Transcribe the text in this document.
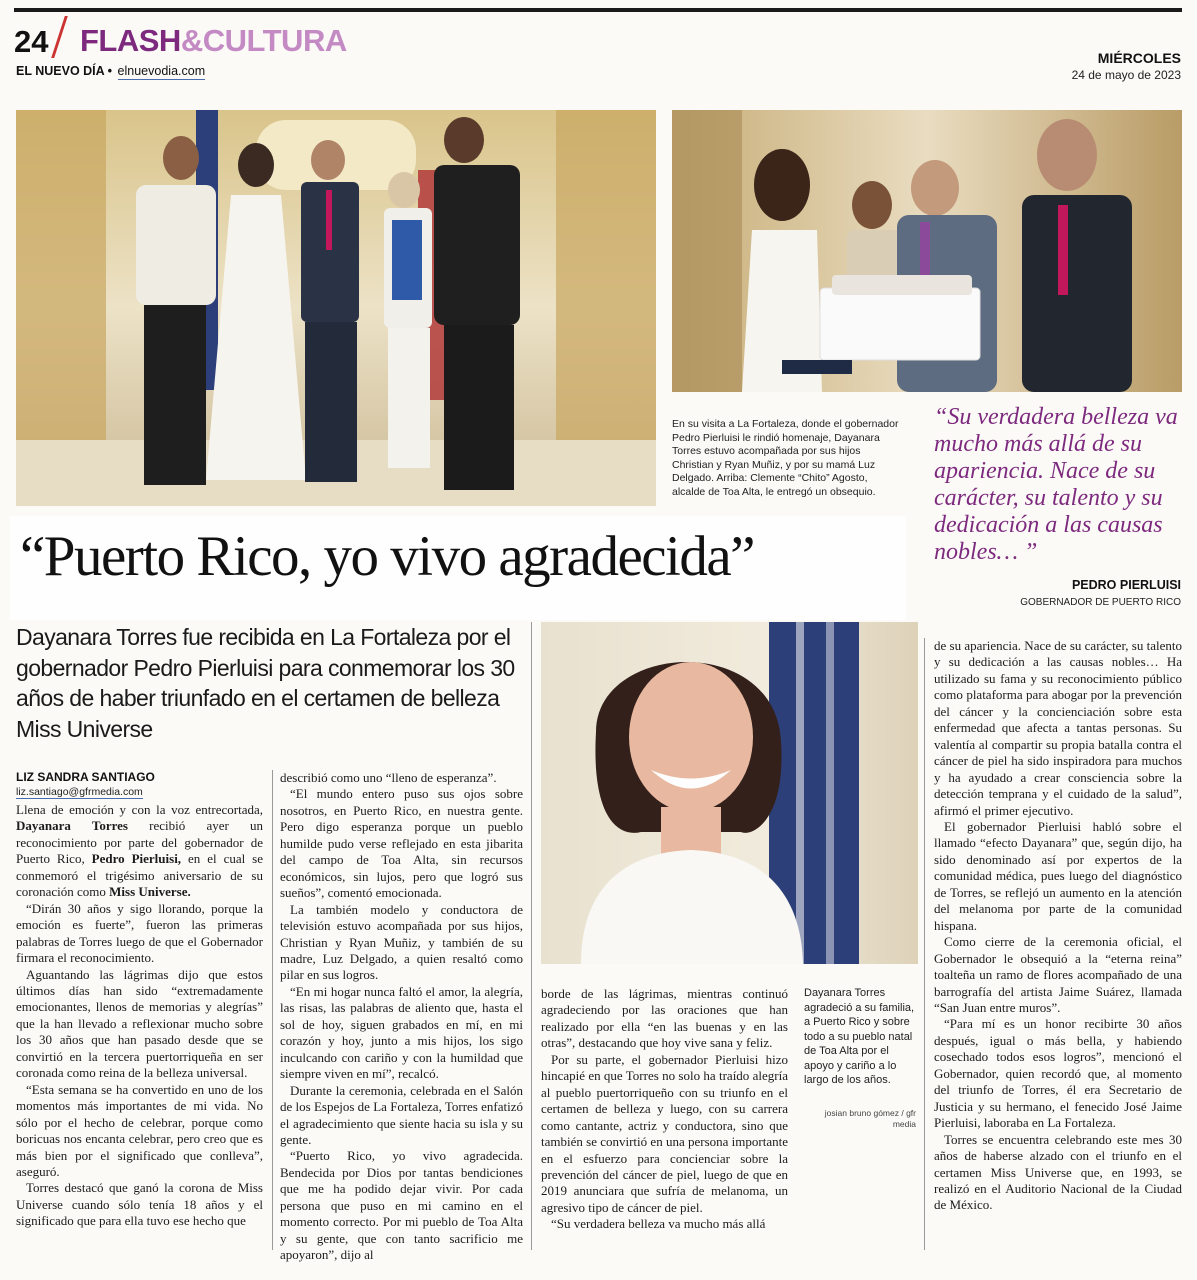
24 FLASH&CULTURA
EL NUEVO DÍA • elnuevodia.com
MIÉRCOLES
24 de mayo de 2023
En su visita a La Fortaleza, donde el gobernador Pedro Pierluisi le rindió homenaje, Dayanara Torres estuvo acompañada por sus hijos Christian y Ryan Muñiz, y por su mamá Luz Delgado. Arriba: Clemente “Chito” Agosto, alcalde de Toa Alta, le entregó un obsequio.
“Su verdadera belleza va mucho más allá de su apariencia. Nace de su carácter, su talento y su dedicación a las causas nobles… ”
PEDRO PIERLUISI
GOBERNADOR DE PUERTO RICO
“Puerto Rico, yo vivo agradecida”
Dayanara Torres fue recibida en La Fortaleza por el gobernador Pedro Pierluisi para conmemorar los 30 años de haber triunfado en el certamen de belleza Miss Universe
Dayanara Torres agradeció a su familia, a Puerto Rico y sobre todo a su pueblo natal de Toa Alta por el apoyo y cariño a lo largo de los años.
josian bruno gómez / gfr media
LIZ SANDRA SANTIAGO
liz.santiago@gfrmedia.com

Llena de emoción y con la voz entrecortada, Dayanara Torres recibió ayer un reconocimiento por parte del gobernador de Puerto Rico, Pedro Pierluisi, en el cual se conmemoró el trigésimo aniversario de su coronación como Miss Universe.

“Dirán 30 años y sigo llorando, porque la emoción es fuerte”, fueron las primeras palabras de Torres luego de que el Gobernador firmara el reconocimiento.

Aguantando las lágrimas dijo que estos últimos días han sido “extremadamente emocionantes, llenos de memorias y alegrías” que la han llevado a reflexionar mucho sobre los 30 años que han pasado desde que se convirtió en la tercera puertorriqueña en ser coronada como reina de la belleza universal.

“Esta semana se ha convertido en uno de los momentos más importantes de mi vida. No sólo por el hecho de celebrar, porque como boricuas nos encanta celebrar, pero creo que es más bien por el significado que conlleva”, aseguró.

Torres destacó que ganó la corona de Miss Universe cuando sólo tenía 18 años y el significado que para ella tuvo ese hecho que

describió como uno “lleno de esperanza”.

“El mundo entero puso sus ojos sobre nosotros, en Puerto Rico, en nuestra gente. Pero digo esperanza porque un pueblo humilde pudo verse reflejado en esta jibarita del campo de Toa Alta, sin recursos económicos, sin lujos, pero que logró sus sueños”, comentó emocionada.

La también modelo y conductora de televisión estuvo acompañada por sus hijos, Christian y Ryan Muñiz, y también de su madre, Luz Delgado, a quien resaltó como pilar en sus logros.

“En mi hogar nunca faltó el amor, la alegría, las risas, las palabras de aliento que, hasta el sol de hoy, siguen grabados en mí, en mi corazón y hoy, junto a mis hijos, los sigo inculcando con cariño y con la humildad que siempre viven en mí”, recalcó.

Durante la ceremonia, celebrada en el Salón de los Espejos de La Fortaleza, Torres enfatizó el agradecimiento que siente hacia su isla y su gente.

“Puerto Rico, yo vivo agradecida. Bendecida por Dios por tantas bendiciones que me ha podido dejar vivir. Por cada persona que puso en mi camino en el momento correcto. Por mi pueblo de Toa Alta y su gente, que con tanto sacrificio me apoyaron”, dijo al

borde de las lágrimas, mientras continuó agradeciendo por las oraciones que han realizado por ella “en las buenas y en las otras”, destacando que hoy vive sana y feliz.

Por su parte, el gobernador Pierluisi hizo hincapié en que Torres no solo ha traído alegría al pueblo puertorriqueño con su triunfo en el certamen de belleza y luego, con su carrera como cantante, actriz y conductora, sino que también se convirtió en una persona importante en el esfuerzo para concienciar sobre la prevención del cáncer de piel, luego de que en 2019 anunciara que sufría de melanoma, un agresivo tipo de cáncer de piel.

“Su verdadera belleza va mucho más allá

de su apariencia. Nace de su carácter, su talento y su dedicación a las causas nobles… Ha utilizado su fama y su reconocimiento público como plataforma para abogar por la prevención del cáncer y la concienciación sobre esta enfermedad que afecta a tantas personas. Su valentía al compartir su propia batalla contra el cáncer de piel ha sido inspiradora para muchos y ha ayudado a crear consciencia sobre la detección temprana y el cuidado de la salud”, afirmó el primer ejecutivo.

El gobernador Pierluisi habló sobre el llamado “efecto Dayanara” que, según dijo, ha sido denominado así por expertos de la comunidad médica, pues luego del diagnóstico de Torres, se reflejó un aumento en la atención del melanoma por parte de la comunidad hispana.

Como cierre de la ceremonia oficial, el Gobernador le obsequió a la “eterna reina” toalteña un ramo de flores acompañado de una barrografía del artista Jaime Suárez, llamada “San Juan entre muros”.

“Para mí es un honor recibirte 30 años después, igual o más bella, y habiendo cosechado todos esos logros”, mencionó el Gobernador, quien recordó que, al momento del triunfo de Torres, él era Secretario de Justicia y su hermano, el fenecido José Jaime Pierluisi, laboraba en La Fortaleza.

Torres se encuentra celebrando este mes 30 años de haberse alzado con el triunfo en el certamen Miss Universe que, en 1993, se realizó en el Auditorio Nacional de la Ciudad de México.
